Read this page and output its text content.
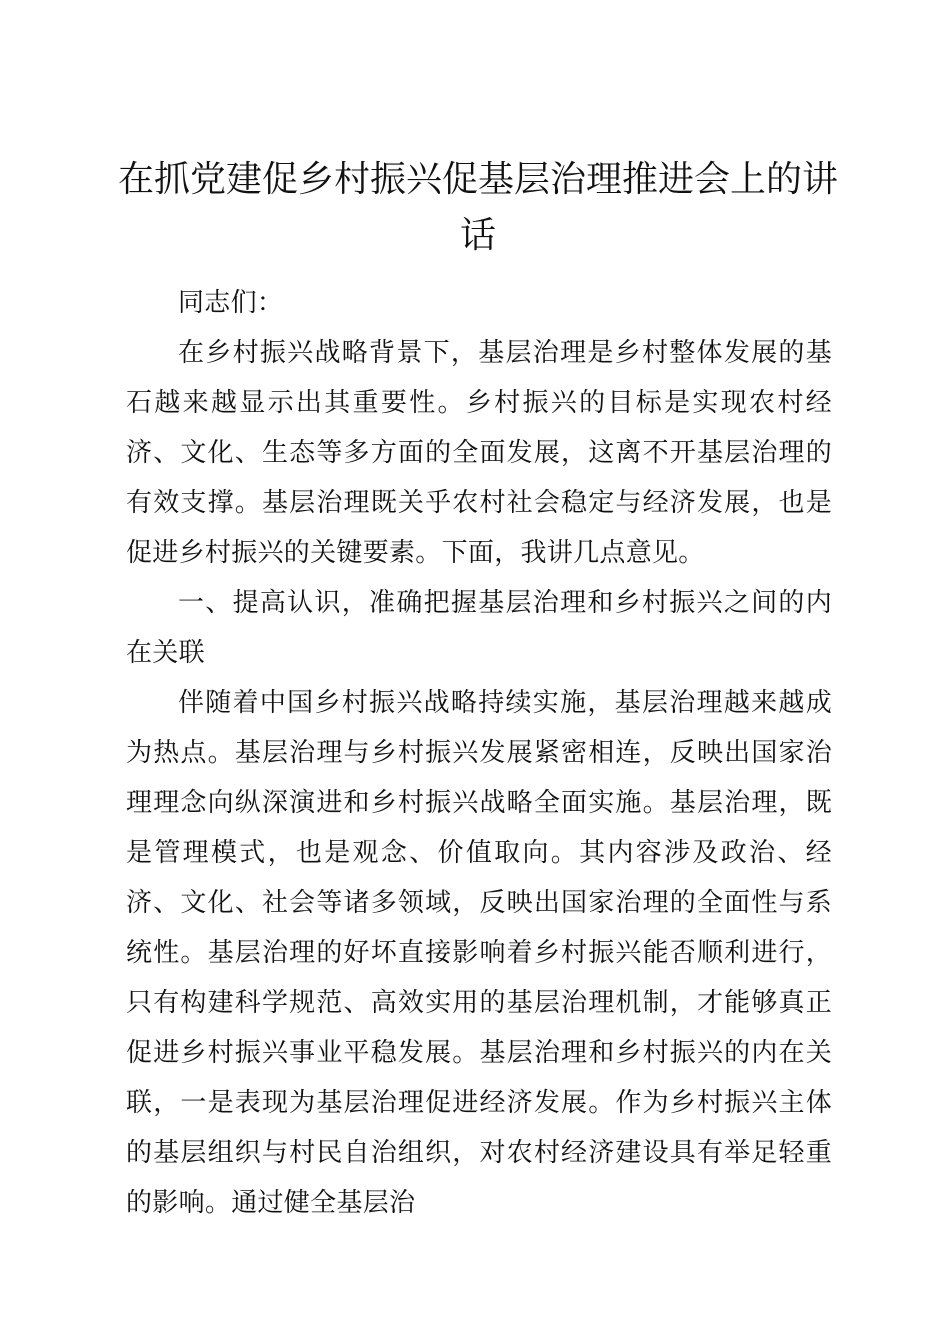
在抓党建促乡村振兴促基层治理推进会上的讲话

同志们：

在乡村振兴战略背景下，基层治理是乡村整体发展的基石越来越显示出其重要性。乡村振兴的目标是实现农村经济、文化、生态等多方面的全面发展，这离不开基层治理的有效支撑。基层治理既关乎农村社会稳定与经济发展，也是促进乡村振兴的关键要素。下面，我讲几点意见。

一、提高认识，准确把握基层治理和乡村振兴之间的内在关联

伴随着中国乡村振兴战略持续实施，基层治理越来越成为热点。基层治理与乡村振兴发展紧密相连，反映出国家治理理念向纵深演进和乡村振兴战略全面实施。基层治理，既是管理模式，也是观念、价值取向。其内容涉及政治、经济、文化、社会等诸多领域，反映出国家治理的全面性与系统性。基层治理的好坏直接影响着乡村振兴能否顺利进行，只有构建科学规范、高效实用的基层治理机制，才能够真正促进乡村振兴事业平稳发展。基层治理和乡村振兴的内在关联，一是表现为基层治理促进经济发展。作为乡村振兴主体的基层组织与村民自治组织，对农村经济建设具有举足轻重的影响。通过健全基层治
